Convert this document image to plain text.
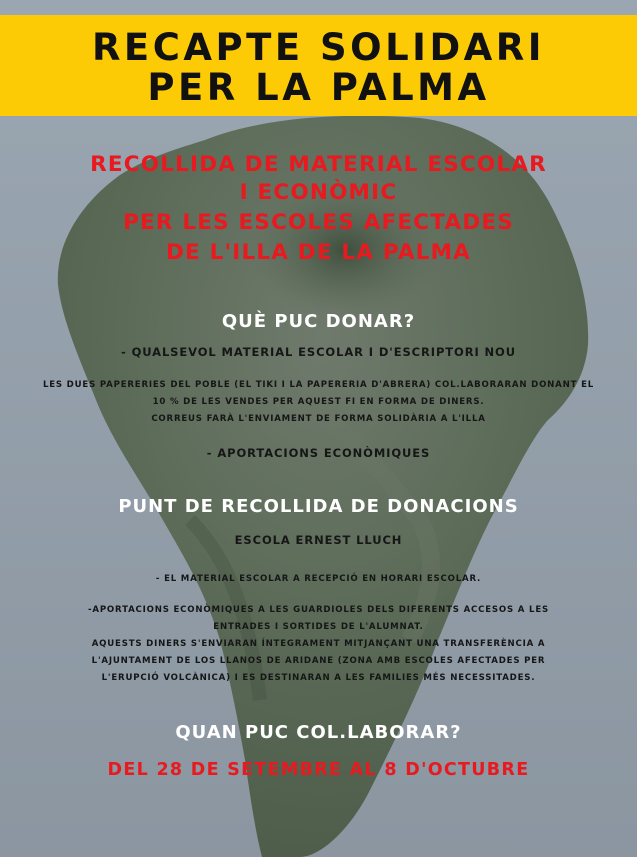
RECAPTE SOLIDARI
PER LA PALMA
RECOLLIDA DE MATERIAL ESCOLAR
I ECONÒMIC
PER LES ESCOLES AFECTADES
DE L'ILLA DE LA PALMA
QUÈ PUC DONAR?
- QUALSEVOL MATERIAL ESCOLAR I D'ESCRIPTORI NOU
LES DUES PAPERERIES DEL POBLE (EL TIKI I LA PAPERERIA D'ABRERA) COL.LABORARAN DONANT EL
10 % DE LES VENDES PER AQUEST FI EN FORMA DE DINERS.
CORREUS FARÀ L'ENVIAMENT DE FORMA SOLIDÀRIA A L'ILLA
- APORTACIONS ECONÒMIQUES
PUNT DE RECOLLIDA DE DONACIONS
ESCOLA ERNEST LLUCH
- EL MATERIAL ESCOLAR A RECEPCIÓ EN HORARI ESCOLAR.
-APORTACIONS ECONÒMIQUES A LES GUARDIOLES DELS DIFERENTS ACCESOS A LES
ENTRADES I SORTIDES DE L'ALUMNAT.
AQUESTS DINERS S'ENVIARAN ÍNTEGRAMENT MITJANÇANT UNA TRANSFERÈNCIA A
L'AJUNTAMENT DE LOS LLANOS DE ARIDANE (ZONA AMB ESCOLES AFECTADES PER
L'ERUPCIÓ VOLCÀNICA) I ES DESTINARAN A LES FAMILIES MÉS NECESSITADES.
QUAN PUC COL.LABORAR?
DEL 28 DE SETEMBRE AL 8 D'OCTUBRE
